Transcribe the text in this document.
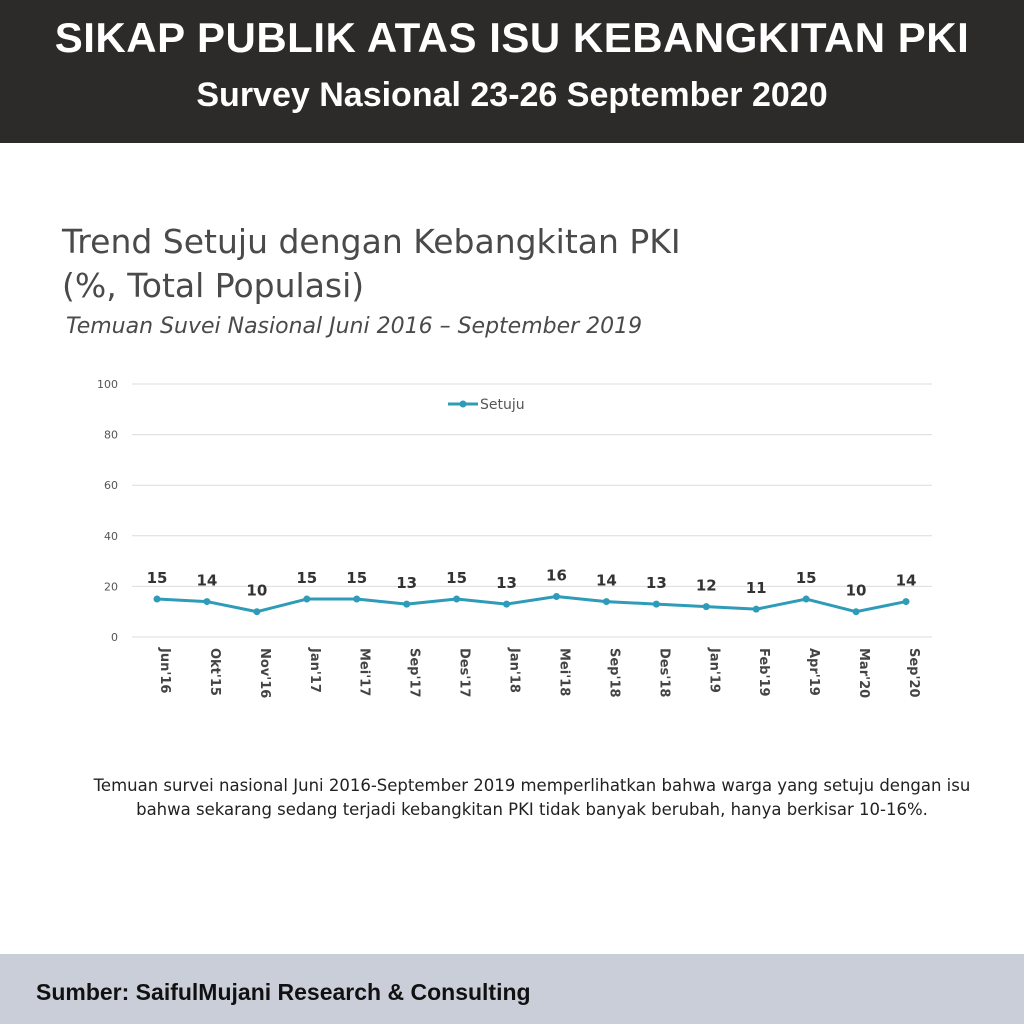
SIKAP PUBLIK ATAS ISU KEBANGKITAN PKI
Survey Nasional 23-26 September 2020
Trend Setuju dengan Kebangkitan PKI
(%, Total Populasi)
Temuan Suvei Nasional Juni 2016 – September 2019
0
20
40
60
80
100
15 14
10
15 15 13 15 13 16 14 13 12 11
15
10
14
Jun'16	Okt'15	Nov'16	Jan'17	Mei'17	Sep'17	Des'17	Jan'18	Mei'18	Sep'18	Des'18	Jan'19	Feb'19	Apr'19	Mar'20	Sep'20
Setuju
Temuan survei nasional Juni 2016-September 2019 memperlihatkan bahwa warga yang setuju dengan isu bahwa sekarang sedang terjadi kebangkitan PKI tidak banyak berubah, hanya berkisar 10-16%.
Sumber: SaifulMujani Research & Consulting
